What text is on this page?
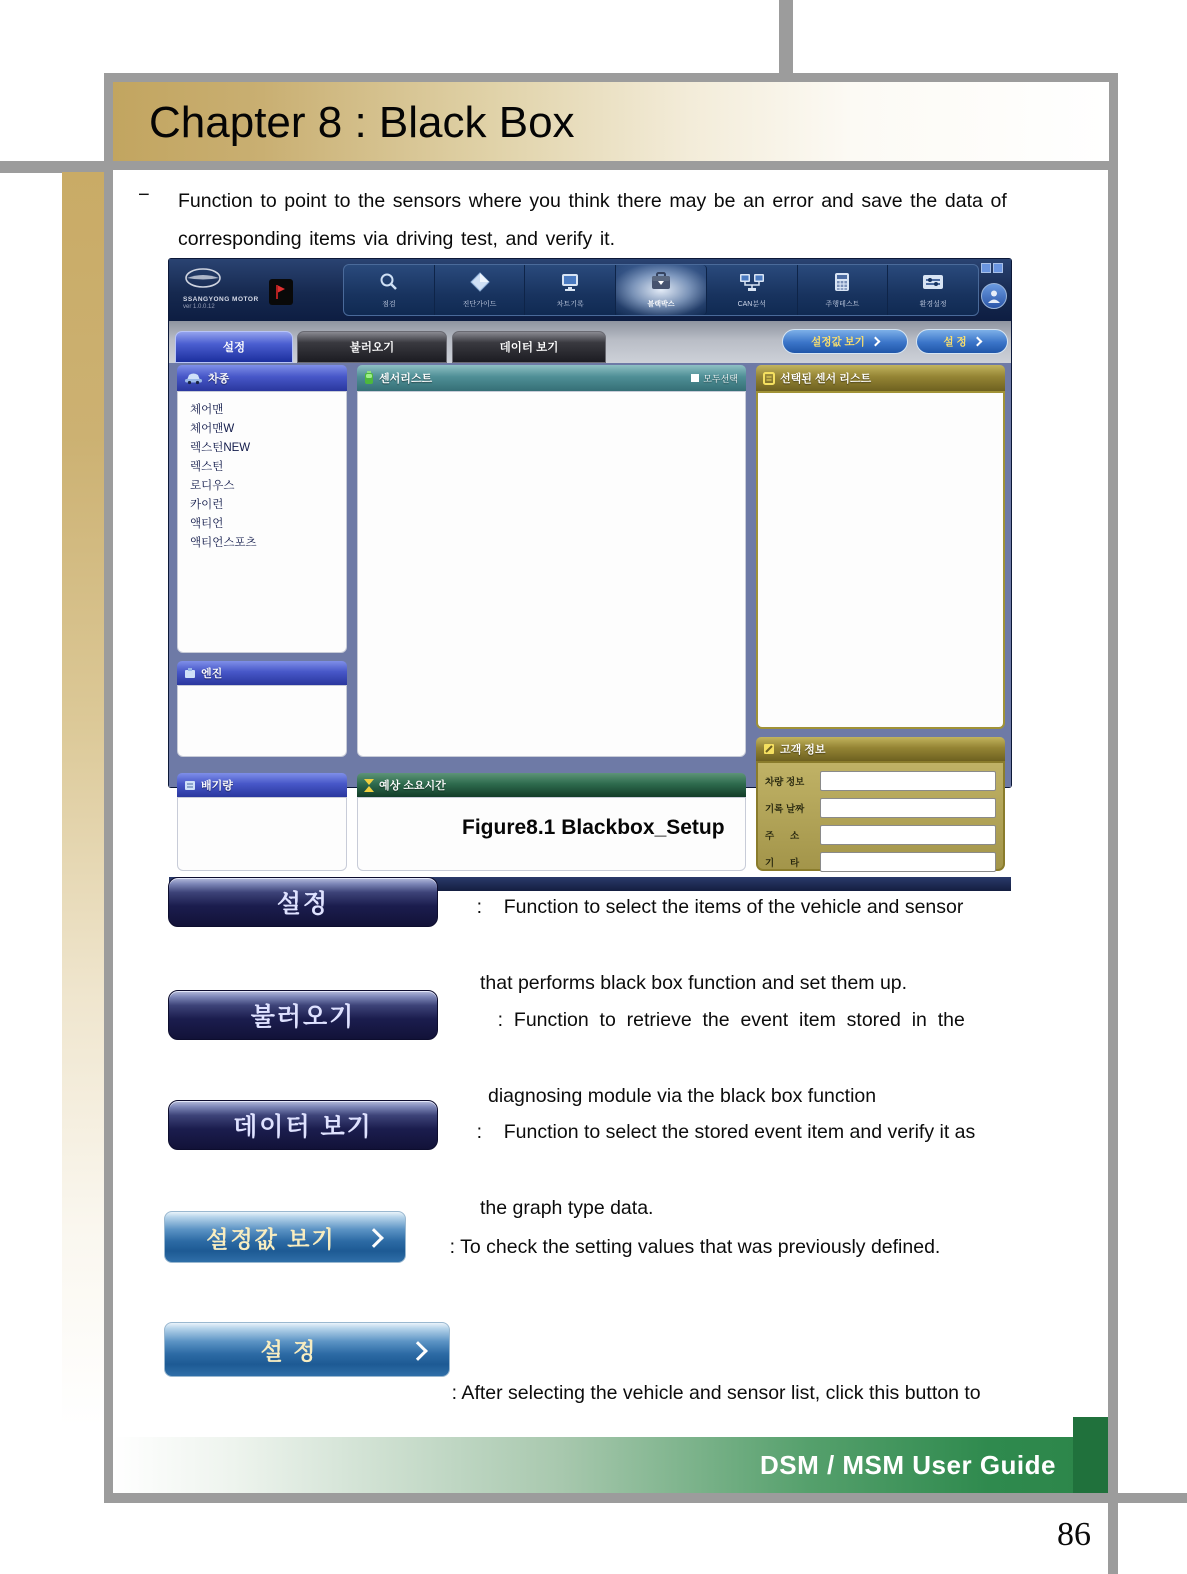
Chapter 8 : Black Box
− Function to point to the sensors where you think there may be an error and save the data of corresponding items via driving test, and verify it.
SSANGYONG MOTOR
ver 1.0.0.12	점검	진단가이드	차트기록	블랙박스	CAN분석	주행테스트	환경설정
설정	불러오기	데이터 보기	설정값 보기	설 정
차종
체어맨
체어맨W
렉스턴NEW
렉스턴
로디우스
카이런
액티언
액티언스포츠
엔진
배기량
센서리스트	모두선택
예상 소요시간
선택된 센서 리스트
고객 정보
차량 정보
기록 날짜
주      소
기      타
Figure8.1 Blackbox_Setup

:    Function to select the items of the vehicle and sensor

that performs black box function and set them up.

설정

:  Function  to  retrieve  the  event  item  stored  in  the

diagnosing module via the black box function

불러오기

:    Function to select the stored event item and verify it as

the graph type data.

데이터 보기

: To check the setting values that was previously defined.

설정값 보기

: After selecting the vehicle and sensor list, click this button to

설 정
DSM / MSM User Guide
86
